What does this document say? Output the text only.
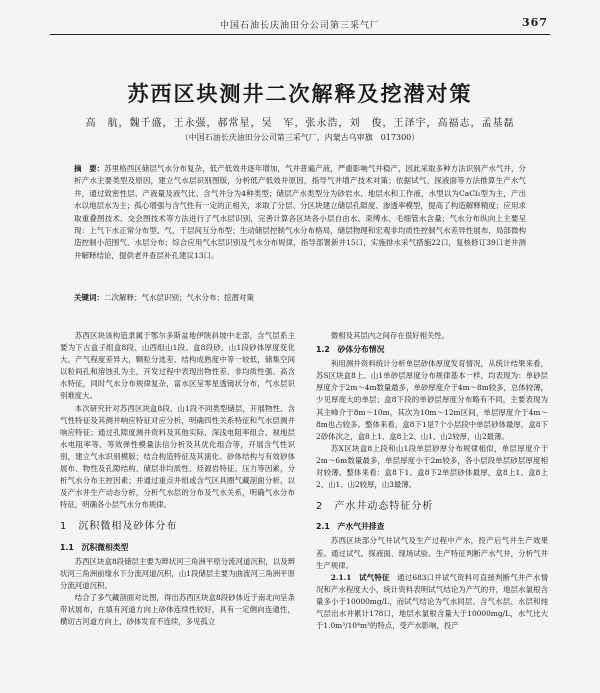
中国石油长庆油田分公司第三采气厂	367
苏西区块测井二次解释及挖潜对策
高　航，魏千盛，王永强，郝常星，吴　军，张永浩，刘　俊，王泽宇，高福志，孟基磊
（中国石油长庆油田分公司第三采气厂，内蒙古乌审旗　017300）
摘　要：苏里格西区储层气水分布复杂，低产低效井逐年增加，气井普遍产液，严重影响气井稳产，因此采取多种方法识别产水气井，分析产水主要类型及原因，建立气水层识别图版，分析低产低效井原因，指导气井增产技术对策；依据试气、探液面等方法推算生产水气井，通过致密性层、产液量及液气比、含气井分为4种类型；储层产水类型分为砂岩水、地层水和工作液，水型以为CaCl₂型为主，产出水以地层水为主；孤心增强与含气性有一定的正相关，求取了分层、分区块建立储层孔隙度、渗透率模型，提高了构造解释精度；应用求取重叠图技术、交会图技术等方法进行了气水层识别，完善计算各区块各小层自由水、束缚水、毛细管水含量；气水分布纵向上主要呈现：上气下水正常分布型、气、干层间互分布型；生动储层控制气水分布格局，储层物理和宏观非均质性控制气水差异性展布，局部微构造控制小范围气、水层分布；综合应用气水层识别及气水分布规律，指导部署新井15口，实施排水采气措施22口，复核修订39口老井测井解释结论，提供老井查层补孔建议13口。
关键词：二次解释；气水层识别；气水分布；挖潜对策

苏西区块该构造隶属于鄂尔多斯盆地伊陕斜坡中北部，含气层系主要为下古盒子组盒8段、山西组山1段、盒8段砂、山1段砂体厚度变化大，产气程度差异大，颗粒分选差、结构成熟度中等一较低，储集空间以粒间孔和溶蚀孔为主，开发过程中表现出物性差、非均质性强、高含水特征，同时气水分布规律复杂，富水区呈零星透镜状分布，气水层识别难度大。

本次研究针对苏西区块盒8段、山1段不同类型储层，开展物性、含气性特征及其测井响应特征对应分析，明确四性关系特征和气水层测井响应特征；通过孔隙度测井资料及其他实际、深浅电阻率组合、视地层水电阻率等、等效弹性模量法信分析及其优化组合等，开展含气性识别，建立气水识别模版；结合构造特征及其演化、砂体结构与有效砂体展布、物性及孔隙结构、储层非均质性、烃源岩特征、压力等因素，分析气水分布主控因素；并通过重点井组或含气区具圈气藏剖面分析，以及产水井生产动态分析，分析气水层的分布及气水关系，明确气水分布特征，明确各小层气水分布规律。

1　沉积微相及砂体分布
1.1　沉积微相类型

苏西区块盒8段储层主要为辫状河三角洲平原分流河道沉积，以及辫状河三角洲前缘水下分流河道沉积，山1段储层主要为曲流河三角洲平原分流河道沉积。

结合了多气藏剖面对比图，得出苏西区块盒8段砂体近于南北向呈条带状展布，在填有河道方向上砂体连续性较好，具有一定侧向连通性，横切古河道方向上，砂体发育不连续，多见孤立

微相及其层内之间存在很好相关性。

1.2　砂体分布情况

利用测井资料统计分析单层砂体厚度发育情况，从统计结果来看，苏S区块盒8上、山1单砂层厚度分布规律基本一样，均表现为：单砂层厚度介于2m～4m数量最多，单砂厚度介于4m～8m较多，总体较薄，少见厚度大的单层；盒8下段的单砂层厚度分布略有不同，主要表现为其主峰介于8m～10m，其次为10m～12m区间，单层厚度介于4m～8m也占较多。整体来看，盒8下1是7个小层段中单层砂体最厚，盒8下2砂体次之，盒8上1、盒8上2、山1、山2较厚，山2最薄。

苏X区块盒8上段和山1段单层砂厚分布规律相似，单层厚度介于2m～6m数量最多，单层厚度小于2m较多，各小层段单层砂层厚度相对较薄。整体来看：盒8下1、盒8下2单层砂体最厚，盒8上1、盒8上2、山1、山2较厚，山3最薄。

2　产水井动态特征分析
2.1　产水气井排查

苏西区块部分气井试气及生产过程中产水，投产后气井生产效果差。通过试气、探液面、现场试验、生产特征判断产水气井，分析气井生产规律。

2.1.1　试气特征　 通过683口井试气资料可直接判断气井产水情况和产水程度大小，统计资料表明试气结论为产气的井，地层水氯根含量多小于10000mg/L，而试气结论为气水同层、含气水层、水层和纯气层出水井累计178口，地层水氯根含量大于10000mg/L，水气比大于1.0m³/10⁴m³的特点，受产水影响，投产
